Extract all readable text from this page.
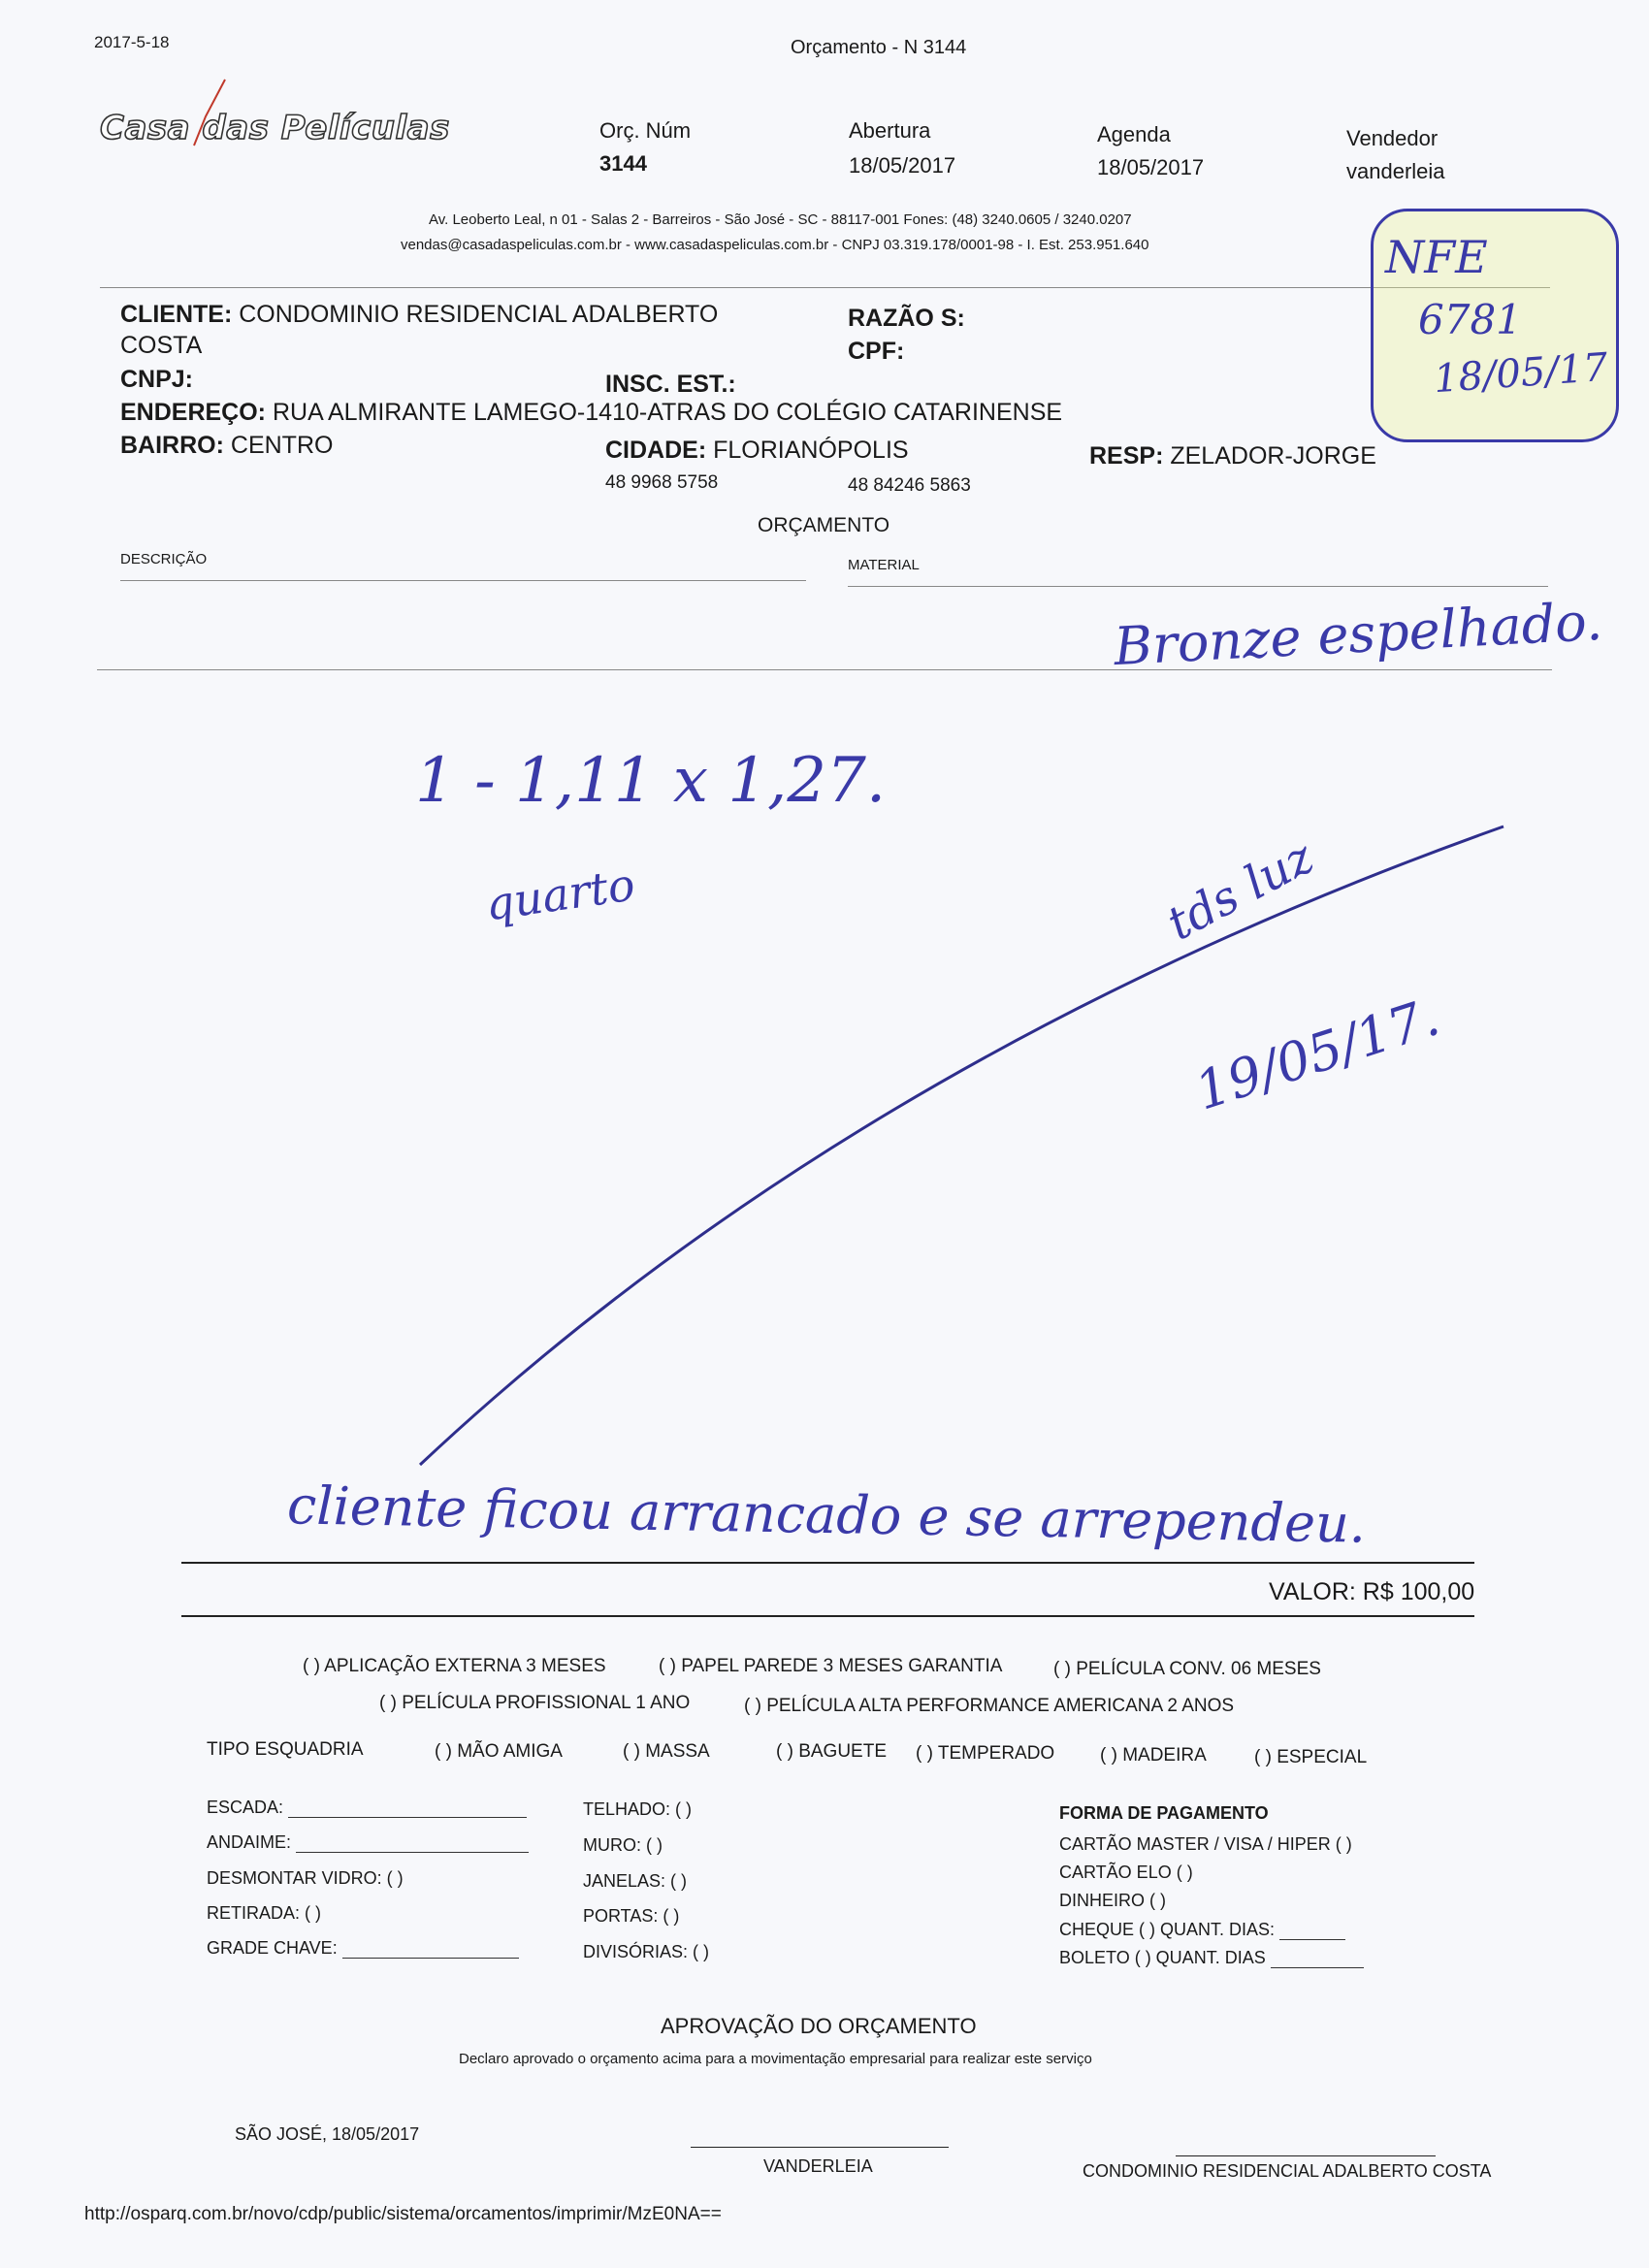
2017-5-18	Orçamento - N 3144
Casa das Películas	Orç. Núm
3144
Abertura
18/05/2017
Agenda
18/05/2017
Vendedor
vanderleia
Av. Leoberto Leal, n 01 - Salas 2 - Barreiros - São José - SC - 88117-001 Fones: (48) 3240.0605 / 3240.0207
vendas@casadaspeliculas.com.br - www.casadaspeliculas.com.br - CNPJ 03.319.178/0001-98 - I. Est. 253.951.640	NFE
6781
18/05/17
CLIENTE: CONDOMINIO RESIDENCIAL ADALBERTO
COSTA
RAZÃO S:
CPF:
CNPJ:	INSC. EST.:
ENDEREÇO: RUA ALMIRANTE LAMEGO-1410-ATRAS DO COLÉGIO CATARINENSE
BAIRRO: CENTRO	CIDADE: FLORIANÓPOLIS	RESP: ZELADOR-JORGE
48 9968 5758	48 84246 5863
ORÇAMENTO
DESCRIÇÃO	MATERIAL
Bronze espelhado.
1 - 1,11 x 1,27.
quarto	tds luz
19/05/17.
cliente ficou arrancado e se arrependeu.
VALOR: R$ 100,00
( ) APLICAÇÃO EXTERNA 3 MESES	( ) PAPEL PAREDE 3 MESES GARANTIA	( ) PELÍCULA CONV. 06 MESES
( ) PELÍCULA PROFISSIONAL 1 ANO	( ) PELÍCULA ALTA PERFORMANCE AMERICANA 2 ANOS
TIPO ESQUADRIA	( ) MÃO AMIGA	( ) MASSA	( ) BAGUETE ( ) TEMPERADO ( ) MADEIRA	( ) ESPECIAL
ESCADA:
ANDAIME:
DESMONTAR VIDRO: ( )
RETIRADA: ( )
GRADE CHAVE:
TELHADO: ( )
MURO: ( )
JANELAS: ( )
PORTAS: ( )
DIVISÓRIAS: ( )
FORMA DE PAGAMENTO
CARTÃO MASTER / VISA / HIPER ( )
CARTÃO ELO ( )
DINHEIRO ( )
CHEQUE ( ) QUANT. DIAS:
BOLETO ( ) QUANT. DIAS
APROVAÇÃO DO ORÇAMENTO
Declaro aprovado o orçamento acima para a movimentação empresarial para realizar este serviço
SÃO JOSÉ, 18/05/2017
VANDERLEIA	CONDOMINIO RESIDENCIAL ADALBERTO COSTA
http://osparq.com.br/novo/cdp/public/sistema/orcamentos/imprimir/MzE0NA==
